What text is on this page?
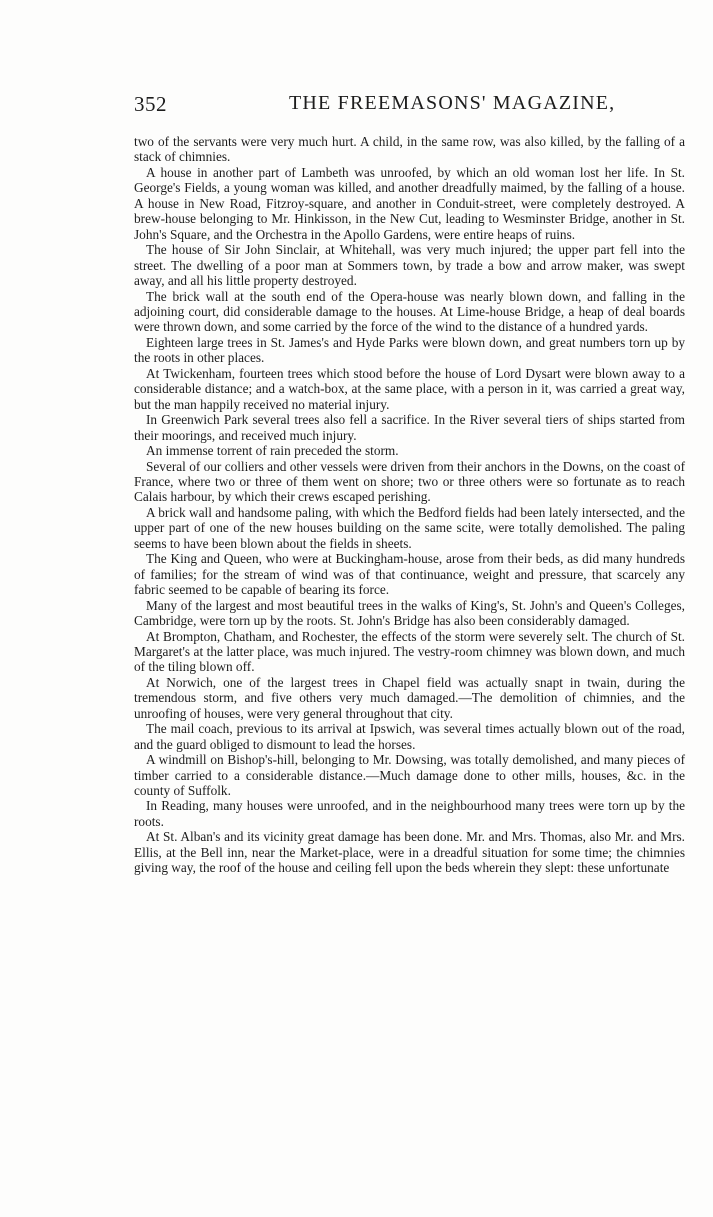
352	THE FREEMASONS' MAGAZINE,

two of the servants were very much hurt. A child, in the same row, was also killed, by the falling of a stack of chimnies.

A house in another part of Lambeth was unroofed, by which an old woman lost her life. In St. George's Fields, a young woman was killed, and another dreadfully maimed, by the falling of a house. A house in New Road, Fitzroy-square, and another in Conduit-street, were completely destroyed. A brew-house belonging to Mr. Hinkisson, in the New Cut, leading to Wesminster Bridge, another in St. John's Square, and the Orchestra in the Apollo Gardens, were entire heaps of ruins.

The house of Sir John Sinclair, at Whitehall, was very much injured; the upper part fell into the street. The dwelling of a poor man at Sommers town, by trade a bow and arrow maker, was swept away, and all his little property destroyed.

The brick wall at the south end of the Opera-house was nearly blown down, and falling in the adjoining court, did considerable damage to the houses. At Lime-house Bridge, a heap of deal boards were thrown down, and some carried by the force of the wind to the distance of a hundred yards.

Eighteen large trees in St. James's and Hyde Parks were blown down, and great numbers torn up by the roots in other places.

At Twickenham, fourteen trees which stood before the house of Lord Dysart were blown away to a considerable distance; and a watch-box, at the same place, with a person in it, was carried a great way, but the man happily received no material injury.

In Greenwich Park several trees also fell a sacrifice. In the River several tiers of ships started from their moorings, and received much injury.

An immense torrent of rain preceded the storm.

Several of our colliers and other vessels were driven from their anchors in the Downs, on the coast of France, where two or three of them went on shore; two or three others were so fortunate as to reach Calais harbour, by which their crews escaped perishing.

A brick wall and handsome paling, with which the Bedford fields had been lately intersected, and the upper part of one of the new houses building on the same scite, were totally demolished. The paling seems to have been blown about the fields in sheets.

The King and Queen, who were at Buckingham-house, arose from their beds, as did many hundreds of families; for the stream of wind was of that continuance, weight and pressure, that scarcely any fabric seemed to be capable of bearing its force.

Many of the largest and most beautiful trees in the walks of King's, St. John's and Queen's Colleges, Cambridge, were torn up by the roots. St. John's Bridge has also been considerably damaged.

At Brompton, Chatham, and Rochester, the effects of the storm were severely selt. The church of St. Margaret's at the latter place, was much injured. The vestry-room chimney was blown down, and much of the tiling blown off.

At Norwich, one of the largest trees in Chapel field was actually snapt in twain, during the tremendous storm, and five others very much damaged.—The demolition of chimnies, and the unroofing of houses, were very general throughout that city.

The mail coach, previous to its arrival at Ipswich, was several times actually blown out of the road, and the guard obliged to dismount to lead the horses.

A windmill on Bishop's-hill, belonging to Mr. Dowsing, was totally demolished, and many pieces of timber carried to a considerable distance.—Much damage done to other mills, houses, &c. in the county of Suffolk.

In Reading, many houses were unroofed, and in the neighbourhood many trees were torn up by the roots.

At St. Alban's and its vicinity great damage has been done. Mr. and Mrs. Thomas, also Mr. and Mrs. Ellis, at the Bell inn, near the Market-place, were in a dreadful situation for some time; the chimnies giving way, the roof of the house and ceiling fell upon the beds wherein they slept: these unfortunate
